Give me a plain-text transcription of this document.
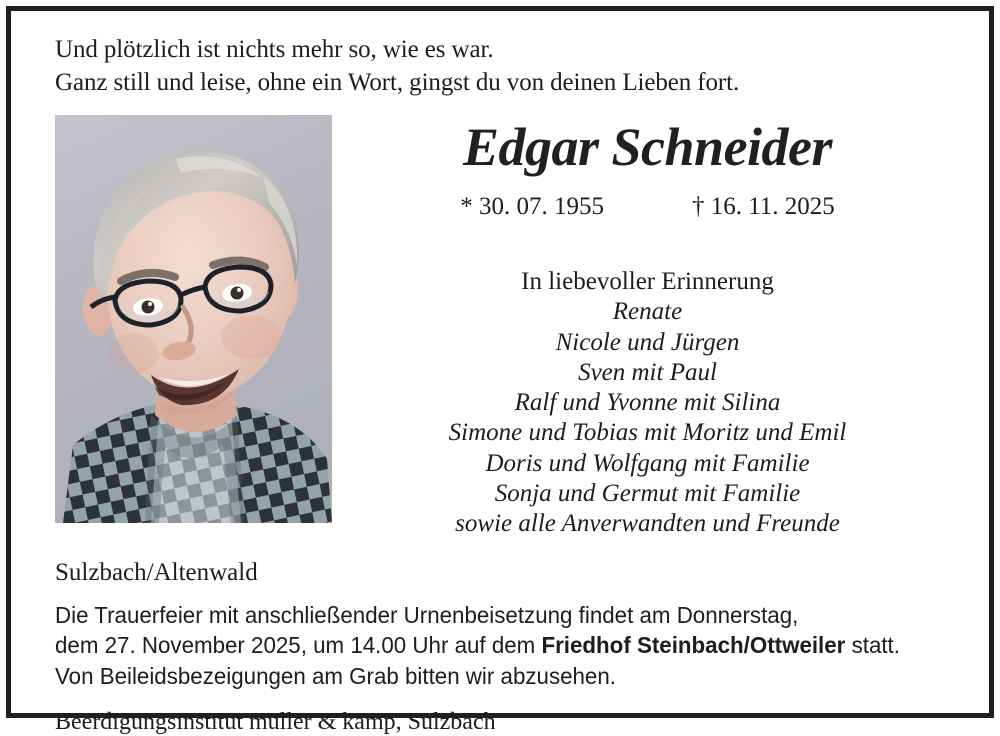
Und plötzlich ist nichts mehr so, wie es war.
Ganz still und leise, ohne ein Wort, gingst du von deinen Lieben fort.
Edgar Schneider
* 30. 07. 1955	† 16. 11. 2025
In liebevoller Erinnerung
Renate
Nicole und Jürgen
Sven mit Paul
Ralf und Yvonne mit Silina
Simone und Tobias mit Moritz und Emil
Doris und Wolfgang mit Familie
Sonja und Germut mit Familie
sowie alle Anverwandten und Freunde
Sulzbach/Altenwald
Die Trauerfeier mit anschließender Urnenbeisetzung findet am Donnerstag,
dem 27. November 2025, um 14.00 Uhr auf dem Friedhof Steinbach/Ottweiler statt.
Von Beileidsbezeigungen am Grab bitten wir abzusehen.
Beerdigungsinstitut müller & kamp, Sulzbach
